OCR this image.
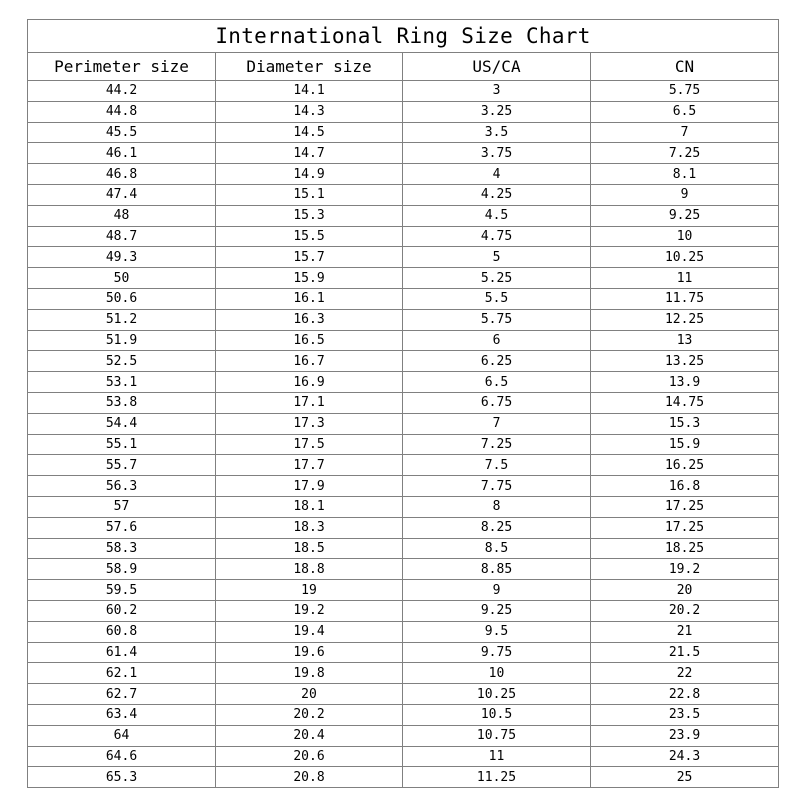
International Ring Size Chart			
Perimeter size	Diameter size	US/CA	CN
44.2	14.1	3	5.75
44.8	14.3	3.25	6.5
45.5	14.5	3.5	7
46.1	14.7	3.75	7.25
46.8	14.9	4	8.1
47.4	15.1	4.25	9
48	15.3	4.5	9.25
48.7	15.5	4.75	10
49.3	15.7	5	10.25
50	15.9	5.25	11
50.6	16.1	5.5	11.75
51.2	16.3	5.75	12.25
51.9	16.5	6	13
52.5	16.7	6.25	13.25
53.1	16.9	6.5	13.9
53.8	17.1	6.75	14.75
54.4	17.3	7	15.3
55.1	17.5	7.25	15.9
55.7	17.7	7.5	16.25
56.3	17.9	7.75	16.8
57	18.1	8	17.25
57.6	18.3	8.25	17.25
58.3	18.5	8.5	18.25
58.9	18.8	8.85	19.2
59.5	19	9	20
60.2	19.2	9.25	20.2
60.8	19.4	9.5	21
61.4	19.6	9.75	21.5
62.1	19.8	10	22
62.7	20	10.25	22.8
63.4	20.2	10.5	23.5
64	20.4	10.75	23.9
64.6	20.6	11	24.3
65.3	20.8	11.25	25
